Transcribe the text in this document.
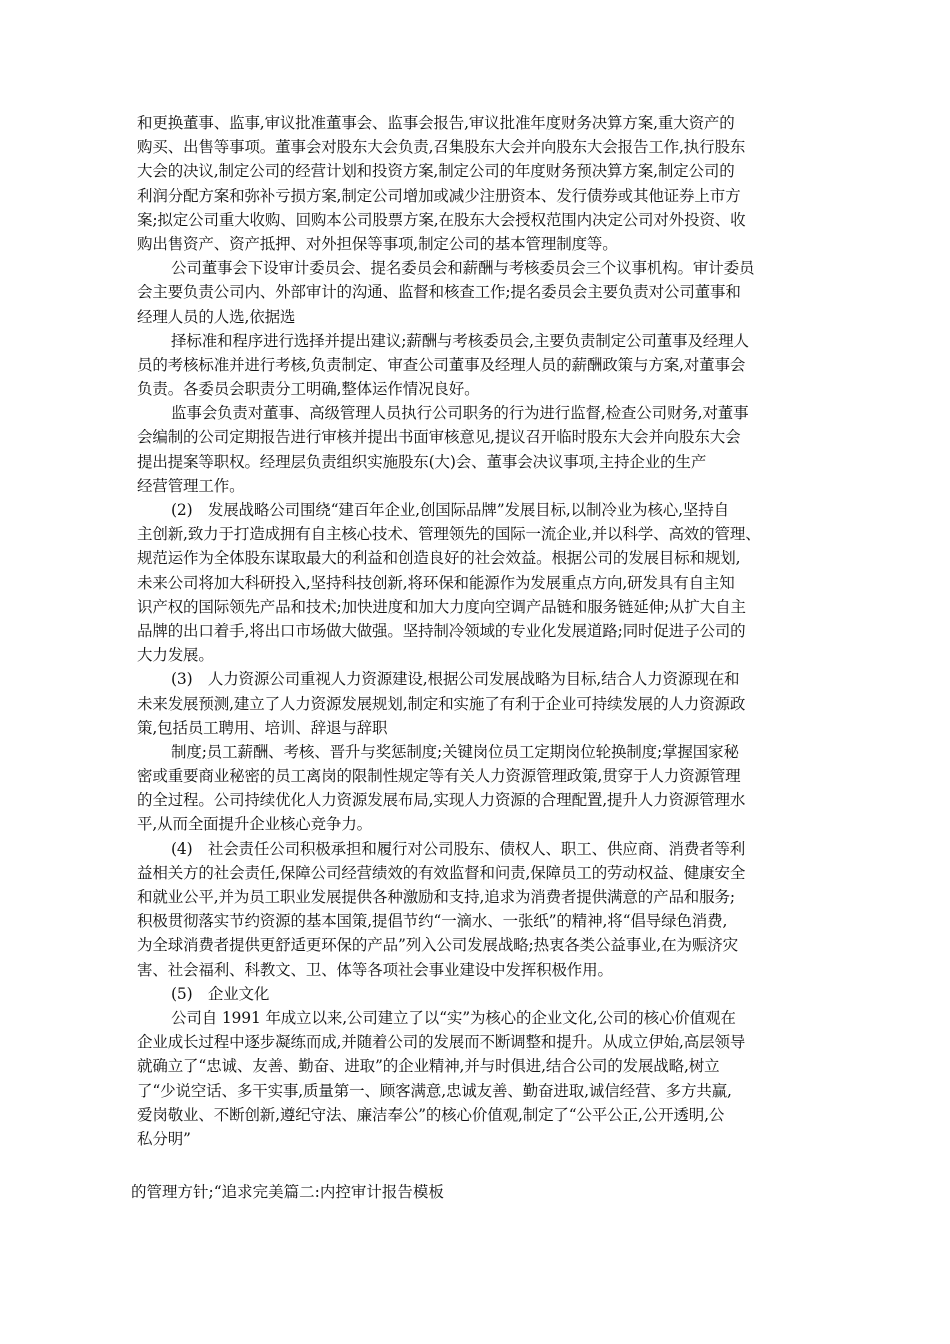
和更换董事、监事,审议批准董事会、监事会报告,审议批准年度财务决算方案,重大资产的
购买、出售等事项。董事会对股东大会负责,召集股东大会并向股东大会报告工作,执行股东
大会的决议,制定公司的经营计划和投资方案,制定公司的年度财务预决算方案,制定公司的
利润分配方案和弥补亏损方案,制定公司增加或减少注册资本、发行债券或其他证券上市方
案;拟定公司重大收购、回购本公司股票方案,在股东大会授权范围内决定公司对外投资、收
购出售资产、资产抵押、对外担保等事项,制定公司的基本管理制度等。
公司董事会下设审计委员会、提名委员会和薪酬与考核委员会三个议事机构。审计委员
会主要负责公司内、外部审计的沟通、监督和核查工作;提名委员会主要负责对公司董事和
经理人员的人选,依据选
择标准和程序进行选择并提出建议;薪酬与考核委员会,主要负责制定公司董事及经理人
员的考核标准并进行考核,负责制定、审查公司董事及经理人员的薪酬政策与方案,对董事会
负责。各委员会职责分工明确,整体运作情况良好。
监事会负责对董事、高级管理人员执行公司职务的行为进行监督,检查公司财务,对董事
会编制的公司定期报告进行审核并提出书面审核意见,提议召开临时股东大会并向股东大会
提出提案等职权。经理层负责组织实施股东(大)会、董事会决议事项,主持企业的生产
经营管理工作。
(2)　发展战略公司围绕“建百年企业,创国际品牌”发展目标,以制冷业为核心,坚持自
主创新,致力于打造成拥有自主核心技术、管理领先的国际一流企业,并以科学、高效的管理、
规范运作为全体股东谋取最大的利益和创造良好的社会效益。根据公司的发展目标和规划,
未来公司将加大科研投入,坚持科技创新,将环保和能源作为发展重点方向,研发具有自主知
识产权的国际领先产品和技术;加快进度和加大力度向空调产品链和服务链延伸;从扩大自主
品牌的出口着手,将出口市场做大做强。坚持制冷领域的专业化发展道路;同时促进子公司的
大力发展。
(3)　人力资源公司重视人力资源建设,根据公司发展战略为目标,结合人力资源现在和
未来发展预测,建立了人力资源发展规划,制定和实施了有利于企业可持续发展的人力资源政
策,包括员工聘用、培训、辞退与辞职
制度;员工薪酬、考核、晋升与奖惩制度;关键岗位员工定期岗位轮换制度;掌握国家秘
密或重要商业秘密的员工离岗的限制性规定等有关人力资源管理政策,贯穿于人力资源管理
的全过程。公司持续优化人力资源发展布局,实现人力资源的合理配置,提升人力资源管理水
平,从而全面提升企业核心竞争力。
(4)　社会责任公司积极承担和履行对公司股东、债权人、职工、供应商、消费者等利
益相关方的社会责任,保障公司经营绩效的有效监督和问责,保障员工的劳动权益、健康安全
和就业公平,并为员工职业发展提供各种激励和支持,追求为消费者提供满意的产品和服务;
积极贯彻落实节约资源的基本国策,提倡节约“一滴水、一张纸”的精神,将“倡导绿色消费,
为全球消费者提供更舒适更环保的产品”列入公司发展战略;热衷各类公益事业,在为赈济灾
害、社会福利、科教文、卫、体等各项社会事业建设中发挥积极作用。
(5)　企业文化
公司自 1991 年成立以来,公司建立了以“实”为核心的企业文化,公司的核心价值观在
企业成长过程中逐步凝练而成,并随着公司的发展而不断调整和提升。从成立伊始,高层领导
就确立了“忠诚、友善、勤奋、进取”的企业精神,并与时俱进,结合公司的发展战略,树立
了“少说空话、多干实事,质量第一、顾客满意,忠诚友善、勤奋进取,诚信经营、多方共赢,
爱岗敬业、不断创新,遵纪守法、廉洁奉公”的核心价值观,制定了“公平公正,公开透明,公
私分明”
的管理方针;“追求完美篇二:内控审计报告模板
